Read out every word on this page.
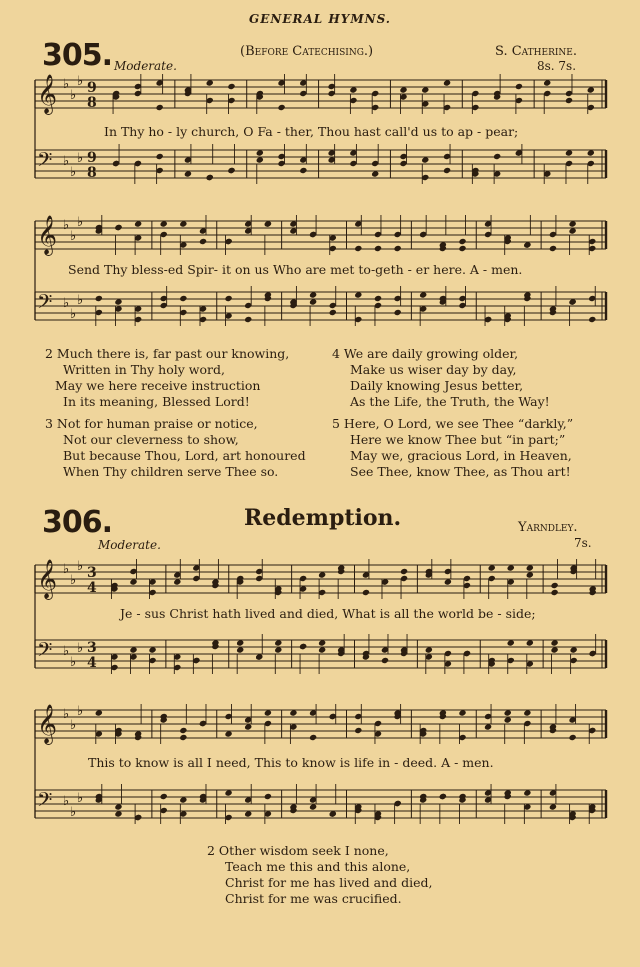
GENERAL HYMNS.
305. Moderate.
(Before Catechising.)	S. Catherine.
8s. 7s.
𝄞 ♭
♭
♭ 9
8
𝄢 ♭
♭
♭ 9
8
𝄞 ♭
♭
♭
𝄢 ♭
♭
♭
𝄞 ♭
♭
♭ 3
4
𝄢 ♭
♭
♭ 3
4
𝄞 ♭
♭
♭
𝄢 ♭
♭
♭
In Thy ho - ly church, O Fa - ther, Thou hast call'd us to ap - pear;
Send Thy bless-ed Spir- it on us Who are met to-geth - er here. A - men.
2 Much there is, far past our knowing,
Written in Thy holy word,
May we here receive instruction
In its meaning, Blessed Lord!
4 We are daily growing older,
Make us wiser day by day,
Daily knowing Jesus better,
As the Life, the Truth, the Way!
3 Not for human praise or notice,
Not our cleverness to show,
But because Thou, Lord, art honoured
When Thy children serve Thee so.
5 Here, O Lord, we see Thee “darkly,”
Here we know Thee but “in part;”
May we, gracious Lord, in Heaven,
See Thee, know Thee, as Thou art!
306.	Redemption.	Yarndley.
Moderate.	7s.
Je - sus Christ hath lived and died, What is all the world be - side;
This to know is all I need, This to know is life in - deed. A - men.
2 Other wisdom seek I none,
Teach me this and this alone,
Christ for me has lived and died,
Christ for me was crucified.
